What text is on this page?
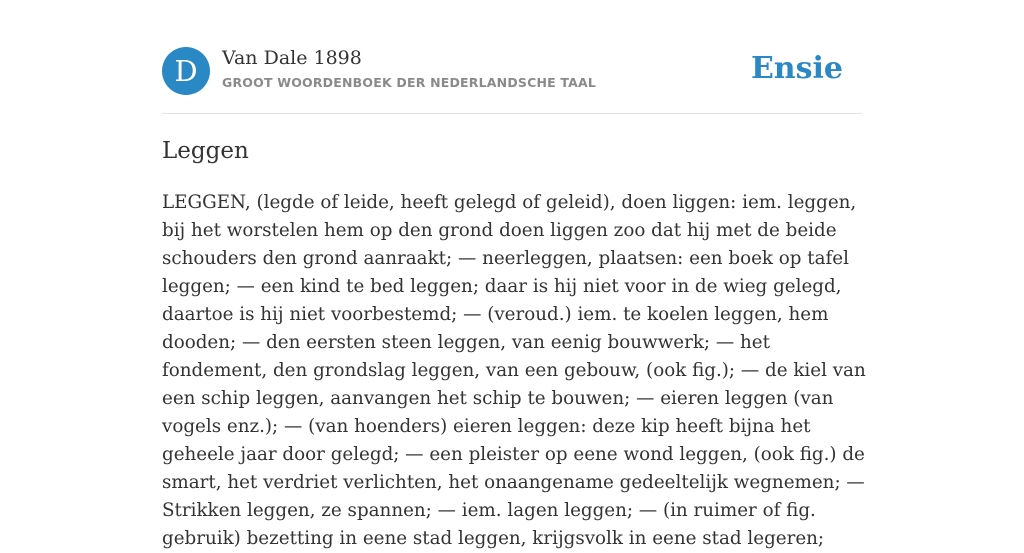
D	Van Dale 1898
GROOT WOORDENBOEK DER NEDERLANDSCHE TAAL	Ensie
Leggen

LEGGEN, (legde of leide, heeft gelegd of geleid), doen liggen: iem. leggen, bij het worstelen hem op den grond doen liggen zoo dat hij met de beide schouders den grond aanraakt; — neerleggen, plaatsen: een boek op tafel leggen; — een kind te bed leggen; daar is hij niet voor in de wieg gelegd, daartoe is hij niet voorbestemd; — (veroud.) iem. te koelen leggen, hem dooden; — den eersten steen leggen, van eenig bouwwerk; — het fondement, den grondslag leggen, van een gebouw, (ook fig.); — de kiel van een schip leggen, aanvangen het schip te bouwen; — eieren leggen (van vogels enz.); — (van hoenders) eieren leggen: deze kip heeft bijna het geheele jaar door gelegd; — een pleister op eene wond leggen, (ook fig.) de smart, het verdriet verlichten, het onaangename gedeeltelijk wegnemen; — Strikken leggen, ze spannen; — iem. lagen leggen; — (in ruimer of fig. gebruik) bezetting in eene stad leggen, krijgsvolk in eene stad legeren;
